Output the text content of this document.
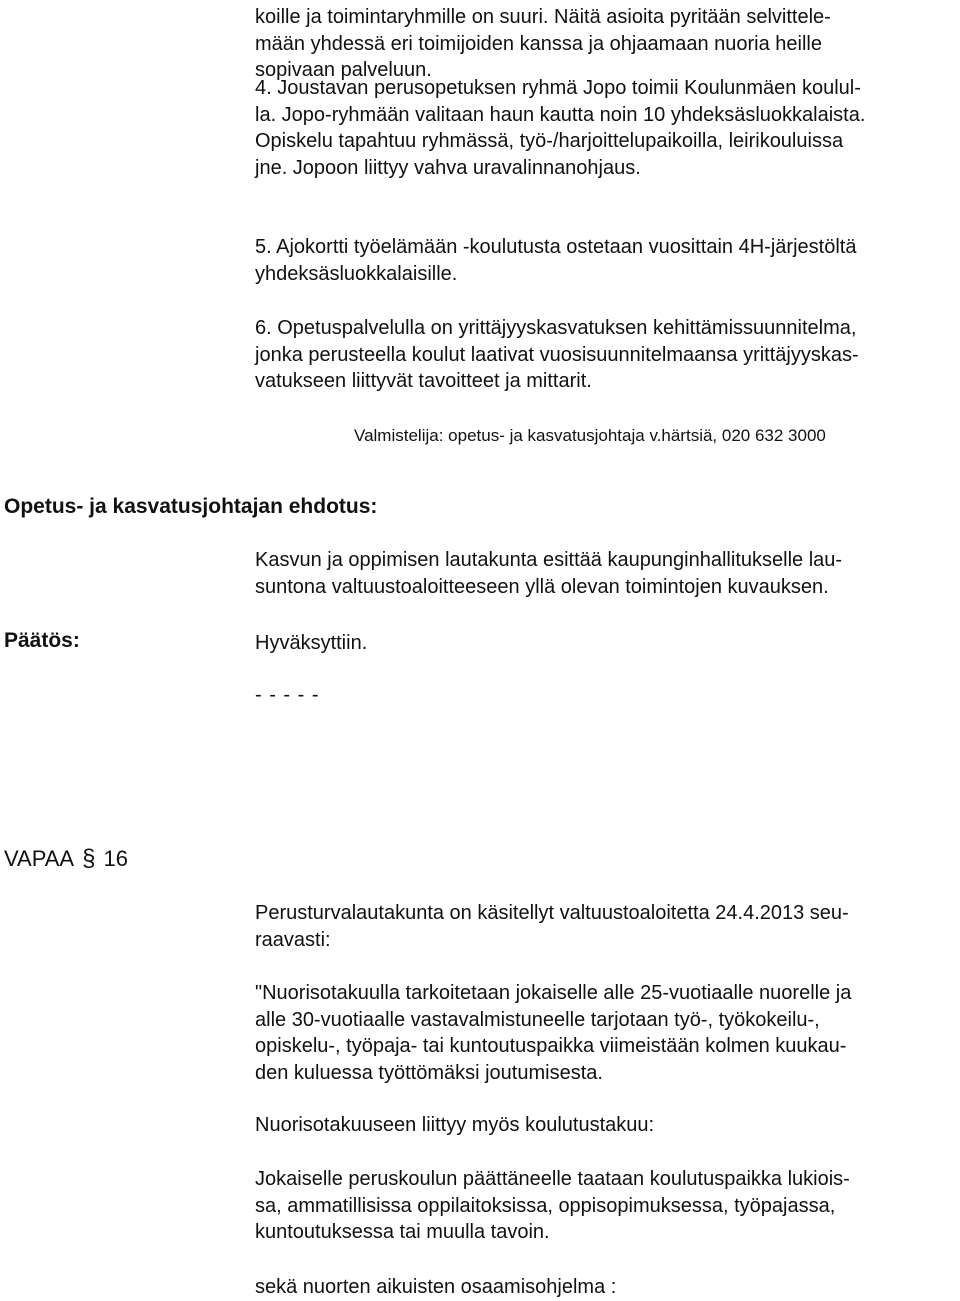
koille ja toimintaryhmille on suuri. Näitä asioita pyritään selvittele-
mään yhdessä eri toimijoiden kanssa ja ohjaamaan nuoria heille
sopivaan palveluun.

4. Joustavan perusopetuksen ryhmä Jopo toimii Koulunmäen koulul-
la. Jopo-ryhmään valitaan haun kautta noin 10 yhdeksäsluokkalaista.
Opiskelu tapahtuu ryhmässä, työ-/harjoittelupaikoilla, leirikouluissa
jne. Jopoon liittyy vahva uravalinnanohjaus.

5. Ajokortti työelämään -koulutusta ostetaan vuosittain 4H-järjestöltä
yhdeksäsluokkalaisille.

6. Opetuspalvelulla on yrittäjyyskasvatuksen kehittämissuunnitelma,
jonka perusteella koulut laativat vuosisuunnitelmaansa yrittäjyyskas-
vatukseen liittyvät tavoitteet ja mittarit.

Valmistelija: opetus- ja kasvatusjohtaja v.härtsiä, 020 632 3000
Opetus- ja kasvatusjohtajan ehdotus:

Kasvun ja oppimisen lautakunta esittää kaupunginhallitukselle lau-
suntona valtuustoaloitteeseen yllä olevan toimintojen kuvauksen.

Päätös:	Hyväksyttiin.

- - - - -
VAPAA § 16

Perusturvalautakunta on käsitellyt valtuustoaloitetta 24.4.2013 seu-
raavasti:

"Nuorisotakuulla tarkoitetaan jokaiselle alle 25-vuotiaalle nuorelle ja
alle 30-vuotiaalle vastavalmistuneelle tarjotaan työ-, työkokeilu-,
opiskelu-, työpaja- tai kuntoutuspaikka viimeistään kolmen kuukau-
den kuluessa työttömäksi joutumisesta.

Nuorisotakuuseen liittyy myös koulutustakuu:

Jokaiselle peruskoulun päättäneelle taataan koulutuspaikka lukiois-
sa, ammatillisissa oppilaitoksissa, oppisopimuksessa, työpajassa,
kuntoutuksessa tai muulla tavoin.

sekä nuorten aikuisten osaamisohjelma :
